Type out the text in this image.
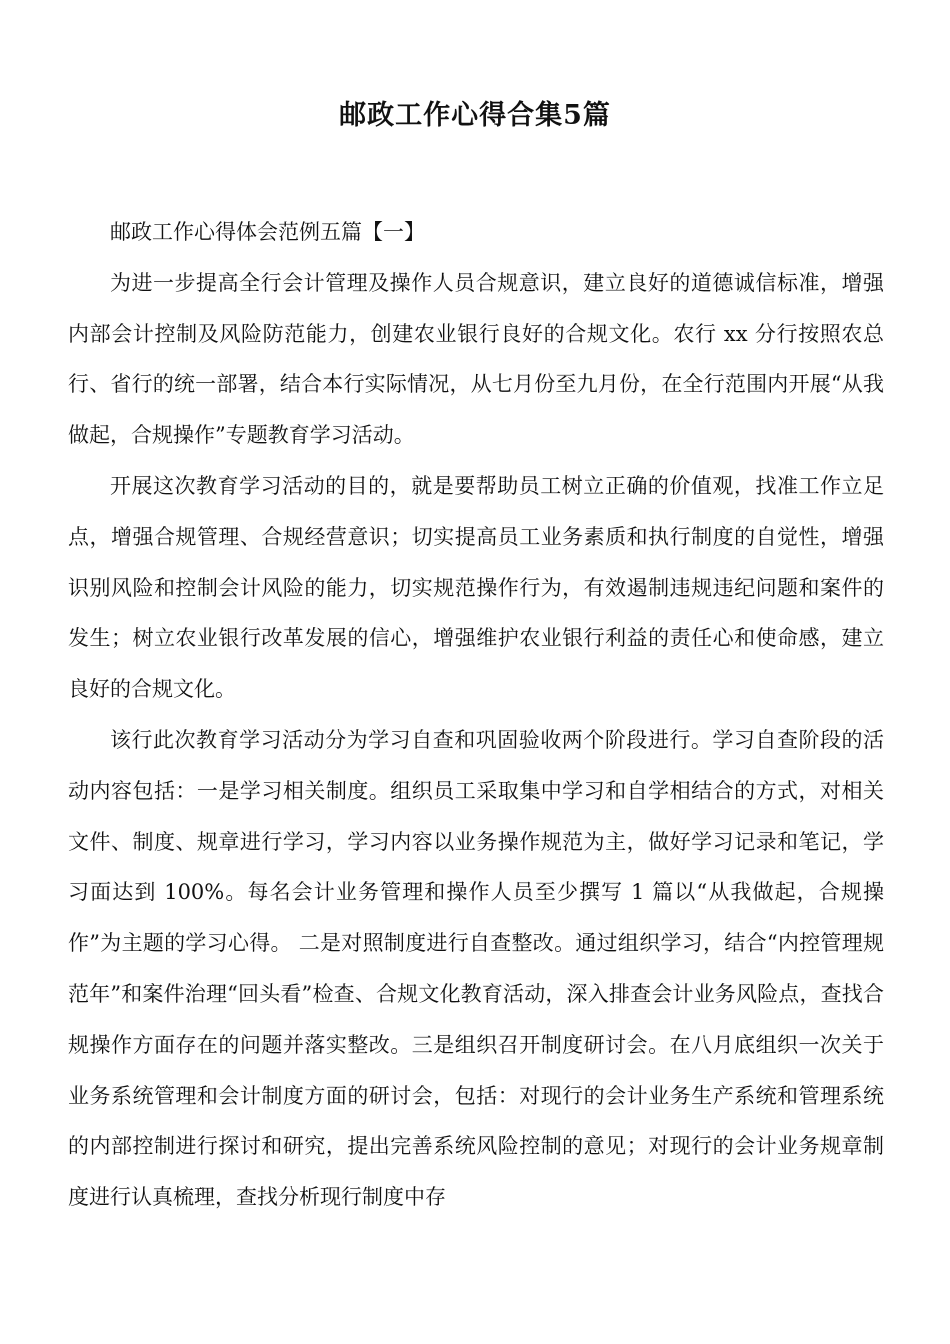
邮政工作心得合集5篇

邮政工作心得体会范例五篇【一】

为进一步提高全行会计管理及操作人员合规意识，建立良好的道德诚信标准，增强内部会计控制及风险防范能力，创建农业银行良好的合规文化。农行 xx 分行按照农总行、省行的统一部署，结合本行实际情况，从七月份至九月份，在全行范围内开展“从我做起，合规操作”专题教育学习活动。

开展这次教育学习活动的目的，就是要帮助员工树立正确的价值观，找准工作立足点，增强合规管理、合规经营意识；切实提高员工业务素质和执行制度的自觉性，增强识别风险和控制会计风险的能力，切实规范操作行为，有效遏制违规违纪问题和案件的发生；树立农业银行改革发展的信心，增强维护农业银行利益的责任心和使命感，建立良好的合规文化。

该行此次教育学习活动分为学习自查和巩固验收两个阶段进行。学习自查阶段的活动内容包括：一是学习相关制度。组织员工采取集中学习和自学相结合的方式，对相关文件、制度、规章进行学习，学习内容以业务操作规范为主，做好学习记录和笔记，学习面达到 100%。每名会计业务管理和操作人员至少撰写 1 篇以“从我做起，合规操作”为主题的学习心得。 二是对照制度进行自查整改。通过组织学习，结合“内控管理规范年”和案件治理“回头看”检查、合规文化教育活动，深入排查会计业务风险点，查找合规操作方面存在的问题并落实整改。三是组织召开制度研讨会。在八月底组织一次关于业务系统管理和会计制度方面的研讨会，包括：对现行的会计业务生产系统和管理系统的内部控制进行探讨和研究，提出完善系统风险控制的意见；对现行的会计业务规章制度进行认真梳理，查找分析现行制度中存
